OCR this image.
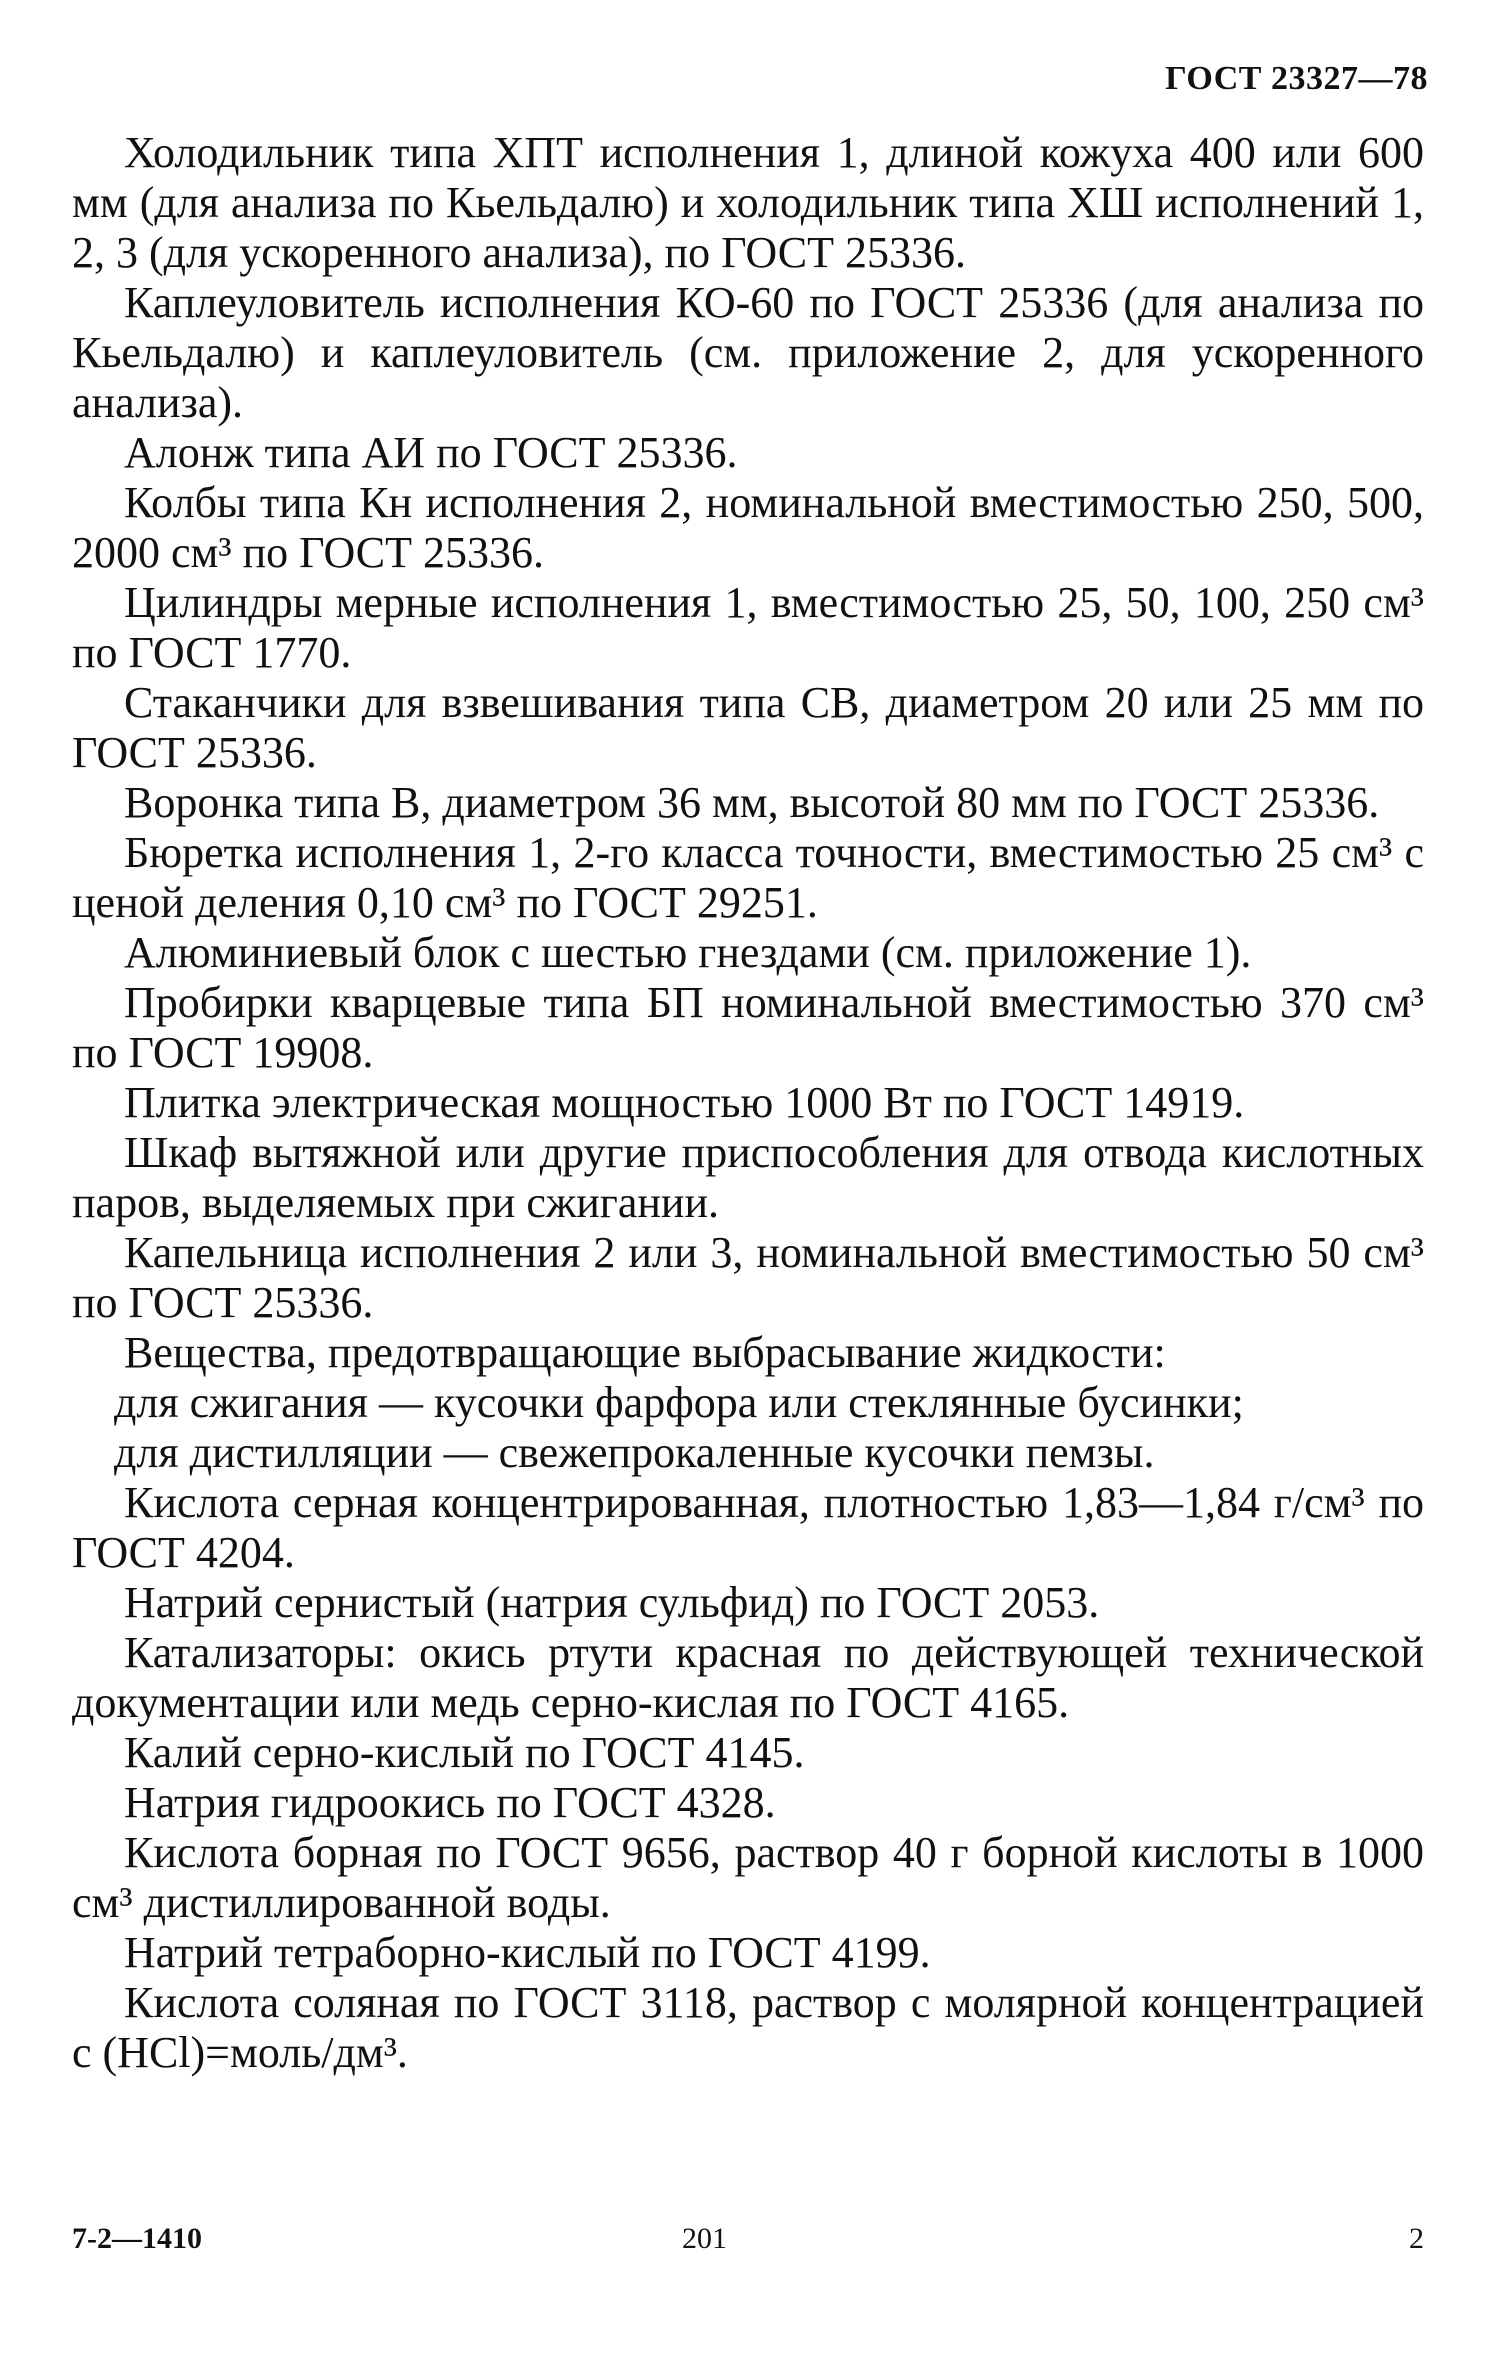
ГОСТ 23327—78

Холодильник типа ХПТ исполнения 1, длиной кожуха 400 или 600 мм (для анализа по Кьельдалю) и холодильник типа ХШ исполнений 1, 2, 3 (для ускоренного анализа), по ГОСТ 25336.

Каплеуловитель исполнения КО-60 по ГОСТ 25336 (для анализа по Кьельдалю) и каплеуловитель (см. приложение 2, для ускоренного анализа).

Алонж типа АИ по ГОСТ 25336.

Колбы типа Кн исполнения 2, номинальной вместимостью 250, 500, 2000 см³ по ГОСТ 25336.

Цилиндры мерные исполнения 1, вместимостью 25, 50, 100, 250 см³ по ГОСТ 1770.

Стаканчики для взвешивания типа СВ, диаметром 20 или 25 мм по ГОСТ 25336.

Воронка типа В, диаметром 36 мм, высотой 80 мм по ГОСТ 25336.

Бюретка исполнения 1, 2-го класса точности, вместимостью 25 см³ с ценой деления 0,10 см³ по ГОСТ 29251.

Алюминиевый блок с шестью гнездами (см. приложение 1).

Пробирки кварцевые типа БП номинальной вместимостью 370 см³ по ГОСТ 19908.

Плитка электрическая мощностью 1000 Вт по ГОСТ 14919.

Шкаф вытяжной или другие приспособления для отвода кислотных паров, выделяемых при сжигании.

Капельница исполнения 2 или 3, номинальной вместимостью 50 см³ по ГОСТ 25336.

Вещества, предотвращающие выбрасывание жидкости:

для сжигания — кусочки фарфора или стеклянные бусинки;

для дистилляции — свежепрокаленные кусочки пемзы.

Кислота серная концентрированная, плотностью 1,83—1,84 г/см³ по ГОСТ 4204.

Натрий сернистый (натрия сульфид) по ГОСТ 2053.

Катализаторы: окись ртути красная по действующей технической документации или медь серно-кислая по ГОСТ 4165.

Калий серно-кислый по ГОСТ 4145.

Натрия гидроокись по ГОСТ 4328.

Кислота борная по ГОСТ 9656, раствор 40 г борной кислоты в 1000 см³ дистиллированной воды.

Натрий тетраборно-кислый по ГОСТ 4199.

Кислота соляная по ГОСТ 3118, раствор с молярной концентрацией с (HCl)=моль/дм³.

7-2—1410	201	2
